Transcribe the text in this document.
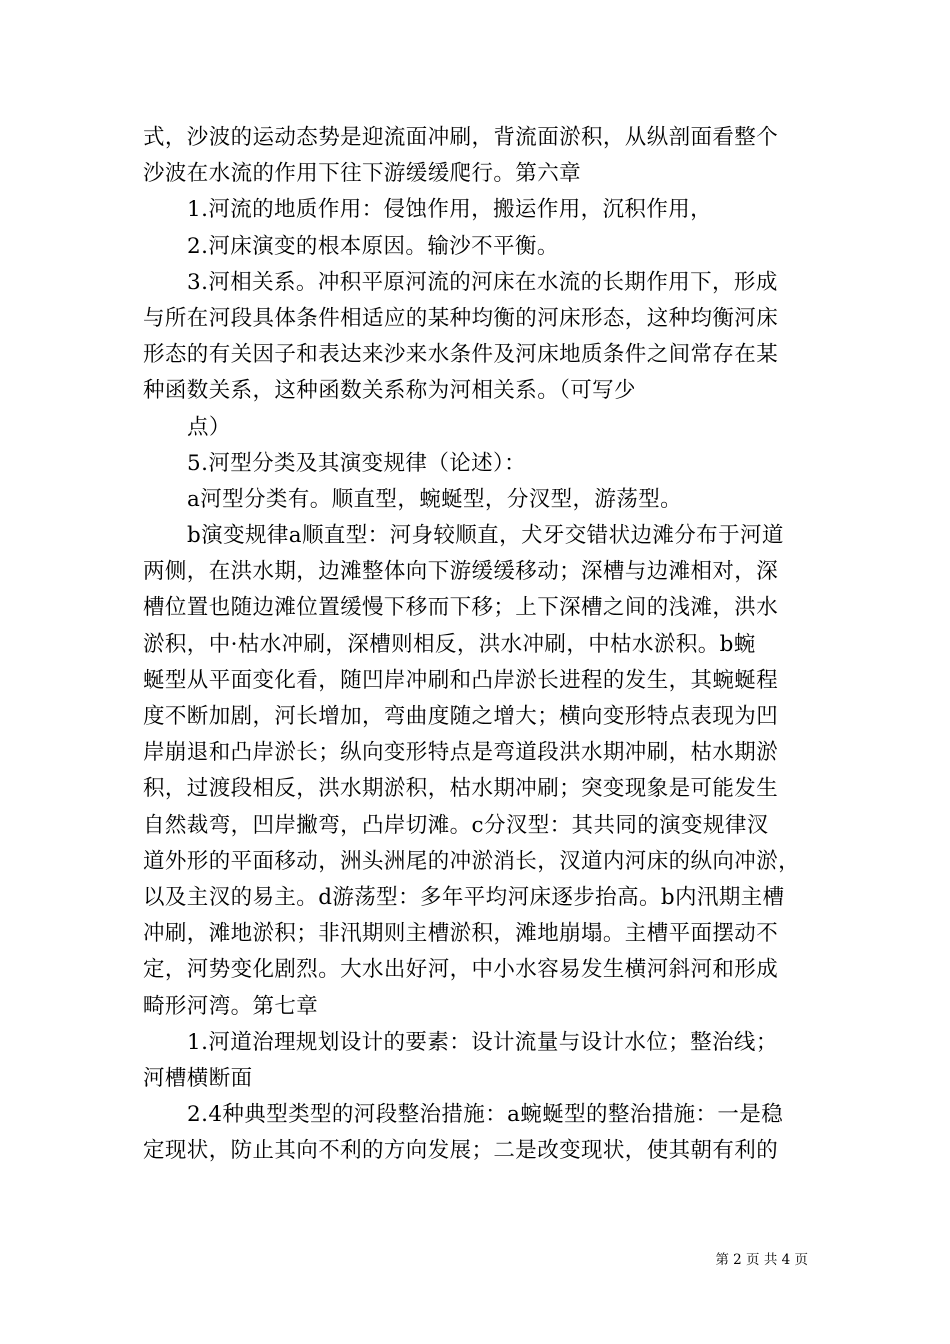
式，沙波的运动态势是迎流面冲刷，背流面淤积，从纵剖面看整个
沙波在水流的作用下往下游缓缓爬行。第六章
1.河流的地质作用：侵蚀作用，搬运作用，沉积作用，
2.河床演变的根本原因。输沙不平衡。
3.河相关系。冲积平原河流的河床在水流的长期作用下，形成
与所在河段具体条件相适应的某种均衡的河床形态，这种均衡河床
形态的有关因子和表达来沙来水条件及河床地质条件之间常存在某
种函数关系，这种函数关系称为河相关系。（可写少
点）
5.河型分类及其演变规律（论述）：
a河型分类有。顺直型，蜿蜒型，分汊型，游荡型。
b演变规律a顺直型：河身较顺直，犬牙交错状边滩分布于河道
两侧，在洪水期，边滩整体向下游缓缓移动；深槽与边滩相对，深
槽位置也随边滩位置缓慢下移而下移；上下深槽之间的浅滩，洪水
淤积，中·枯水冲刷，深槽则相反，洪水冲刷，中枯水淤积。b蜿
蜒型从平面变化看，随凹岸冲刷和凸岸淤长进程的发生，其蜿蜒程
度不断加剧，河长增加，弯曲度随之增大；横向变形特点表现为凹
岸崩退和凸岸淤长；纵向变形特点是弯道段洪水期冲刷，枯水期淤
积，过渡段相反，洪水期淤积，枯水期冲刷；突变现象是可能发生
自然裁弯，凹岸撇弯，凸岸切滩。c分汊型：其共同的演变规律汊
道外形的平面移动，洲头洲尾的冲淤消长，汊道内河床的纵向冲淤，
以及主汊的易主。d游荡型：多年平均河床逐步抬高。b内汛期主槽
冲刷，滩地淤积；非汛期则主槽淤积，滩地崩塌。主槽平面摆动不
定，河势变化剧烈。大水出好河，中小水容易发生横河斜河和形成
畸形河湾。第七章
1.河道治理规划设计的要素：设计流量与设计水位；整治线；
河槽横断面
2.4种典型类型的河段整治措施：a蜿蜒型的整治措施：一是稳
定现状，防止其向不利的方向发展；二是改变现状，使其朝有利的
第 2 页 共 4 页
